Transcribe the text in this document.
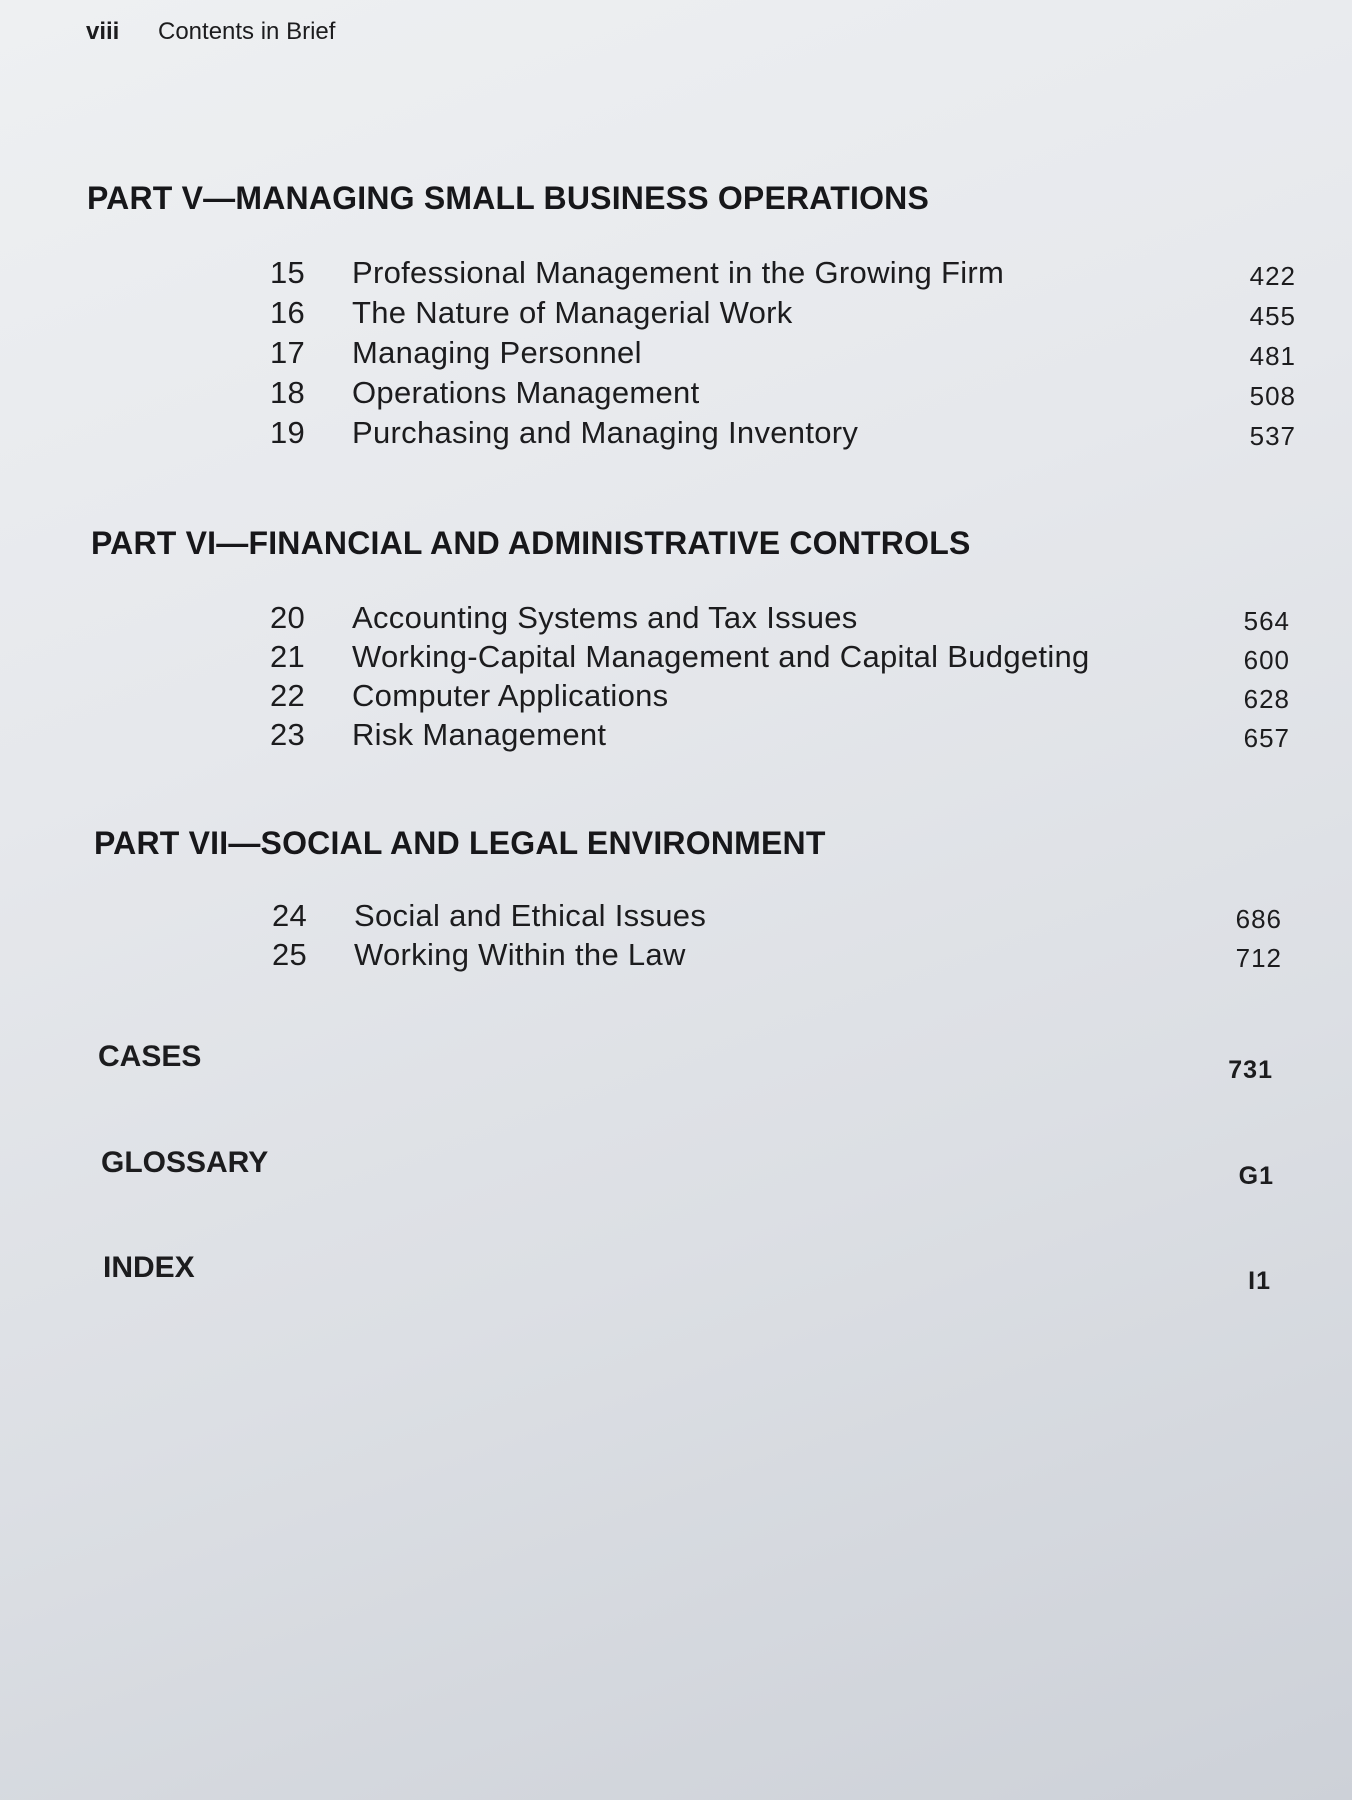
viii	Contents in Brief
PART V—MANAGING SMALL BUSINESS OPERATIONS
15 Professional Management in the Growing Firm	422
16 The Nature of Managerial Work	455
17 Managing Personnel	481
18 Operations Management	508
19 Purchasing and Managing Inventory	537
PART VI—FINANCIAL AND ADMINISTRATIVE CONTROLS
20 Accounting Systems and Tax Issues	564
21 Working-Capital Management and Capital Budgeting	600
22 Computer Applications	628
23 Risk Management	657
PART VII—SOCIAL AND LEGAL ENVIRONMENT
24 Social and Ethical Issues	686
25 Working Within the Law	712
CASES	731
GLOSSARY	G1
INDEX	I1
